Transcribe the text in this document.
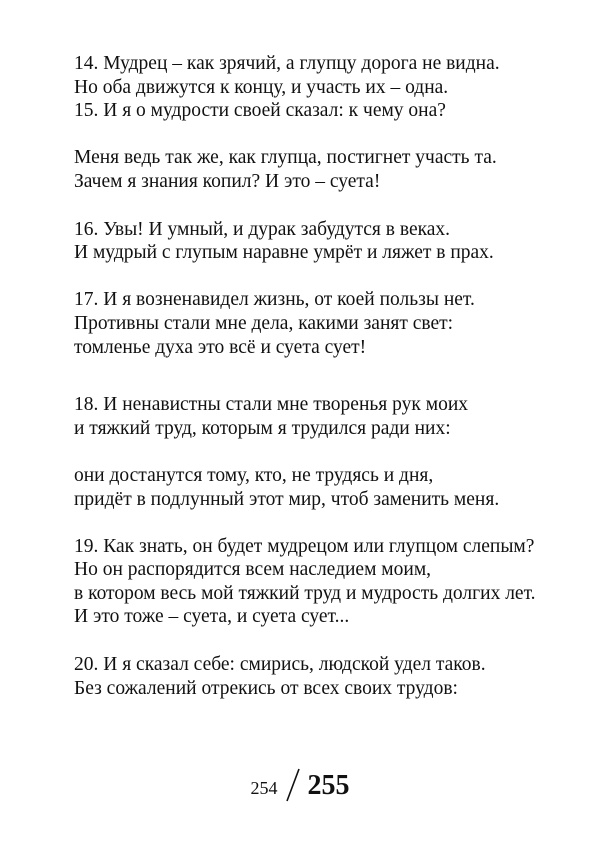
14. Мудрец – как зрячий, а глупцу дорога не видна.
Но оба движутся к концу, и участь их – одна.
15. И я о мудрости своей сказал: к чему она?
Меня ведь так же, как глупца, постигнет участь та.
Зачем я знания копил? И это – суета!
16. Увы! И умный, и дурак забудутся в веках.
И мудрый с глупым наравне умрёт и ляжет в прах.
17. И я возненавидел жизнь, от коей пользы нет.
Противны стали мне дела, какими занят свет:
томленье духа это всё и суета сует!
18. И ненавистны стали мне творенья рук моих
и тяжкий труд, которым я трудился ради них:
они достанутся тому, кто, не трудясь и дня,
придёт в подлунный этот мир, чтоб заменить меня.
19. Как знать, он будет мудрецом или глупцом слепым?
Но он распорядится всем наследием моим,
в котором весь мой тяжкий труд и мудрость долгих лет.
И это тоже – суета, и суета сует...
20. И я сказал себе: смирись, людской удел таков.
Без сожалений отрекись от всех своих трудов:
254 255
